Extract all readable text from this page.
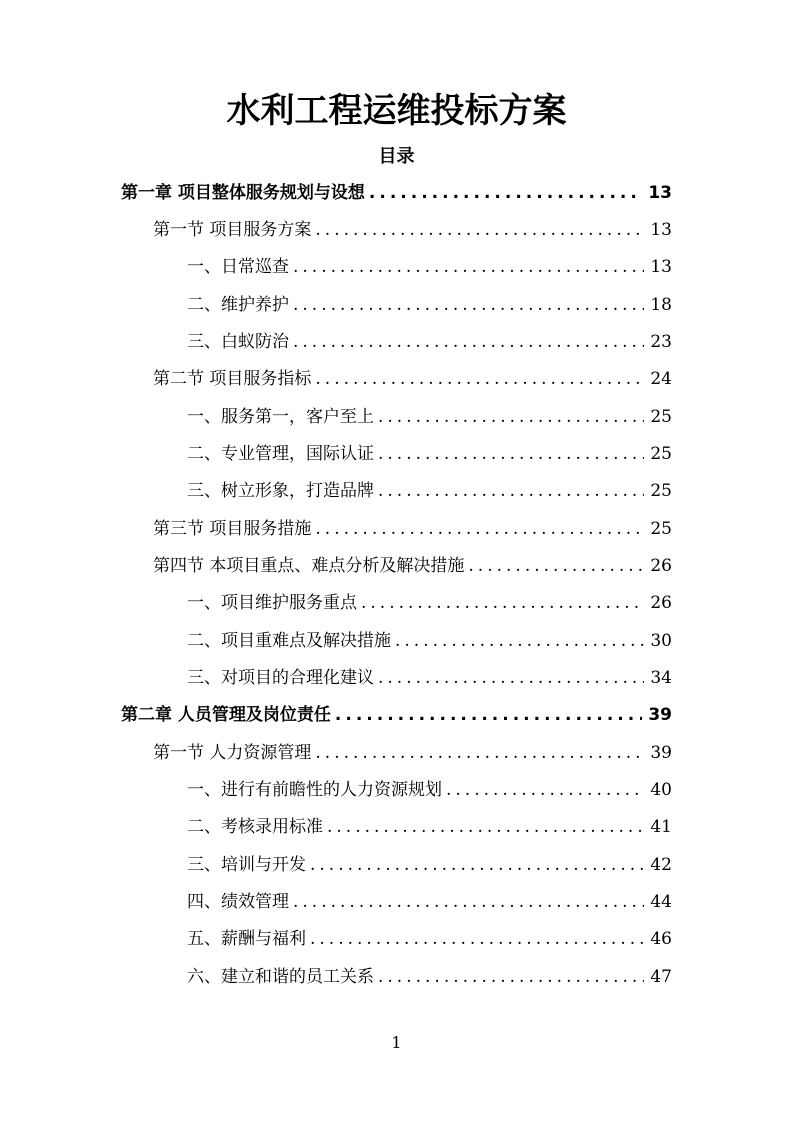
水利工程运维投标方案
目录
第一章 项目整体服务规划与设想 .....	13
第一节 项目服务方案 .....	13
一、日常巡查 .....	13
二、维护养护 .....	18
三、白蚁防治 .....	23
第二节 项目服务指标 .....	24
一、服务第一，客户至上 .....	25
二、专业管理，国际认证 .....	25
三、树立形象，打造品牌 .....	25
第三节 项目服务措施 .....	25
第四节 本项目重点、难点分析及解决措施 .....	26
一、项目维护服务重点 .....	26
二、项目重难点及解决措施 .....	30
三、对项目的合理化建议 .....	34
第二章 人员管理及岗位责任 .....	39
第一节 人力资源管理 .....	39
一、进行有前瞻性的人力资源规划 .....	40
二、考核录用标准 .....	41
三、培训与开发 .....	42
四、绩效管理 .....	44
五、薪酬与福利 .....	46
六、建立和谐的员工关系 .....	47
1
